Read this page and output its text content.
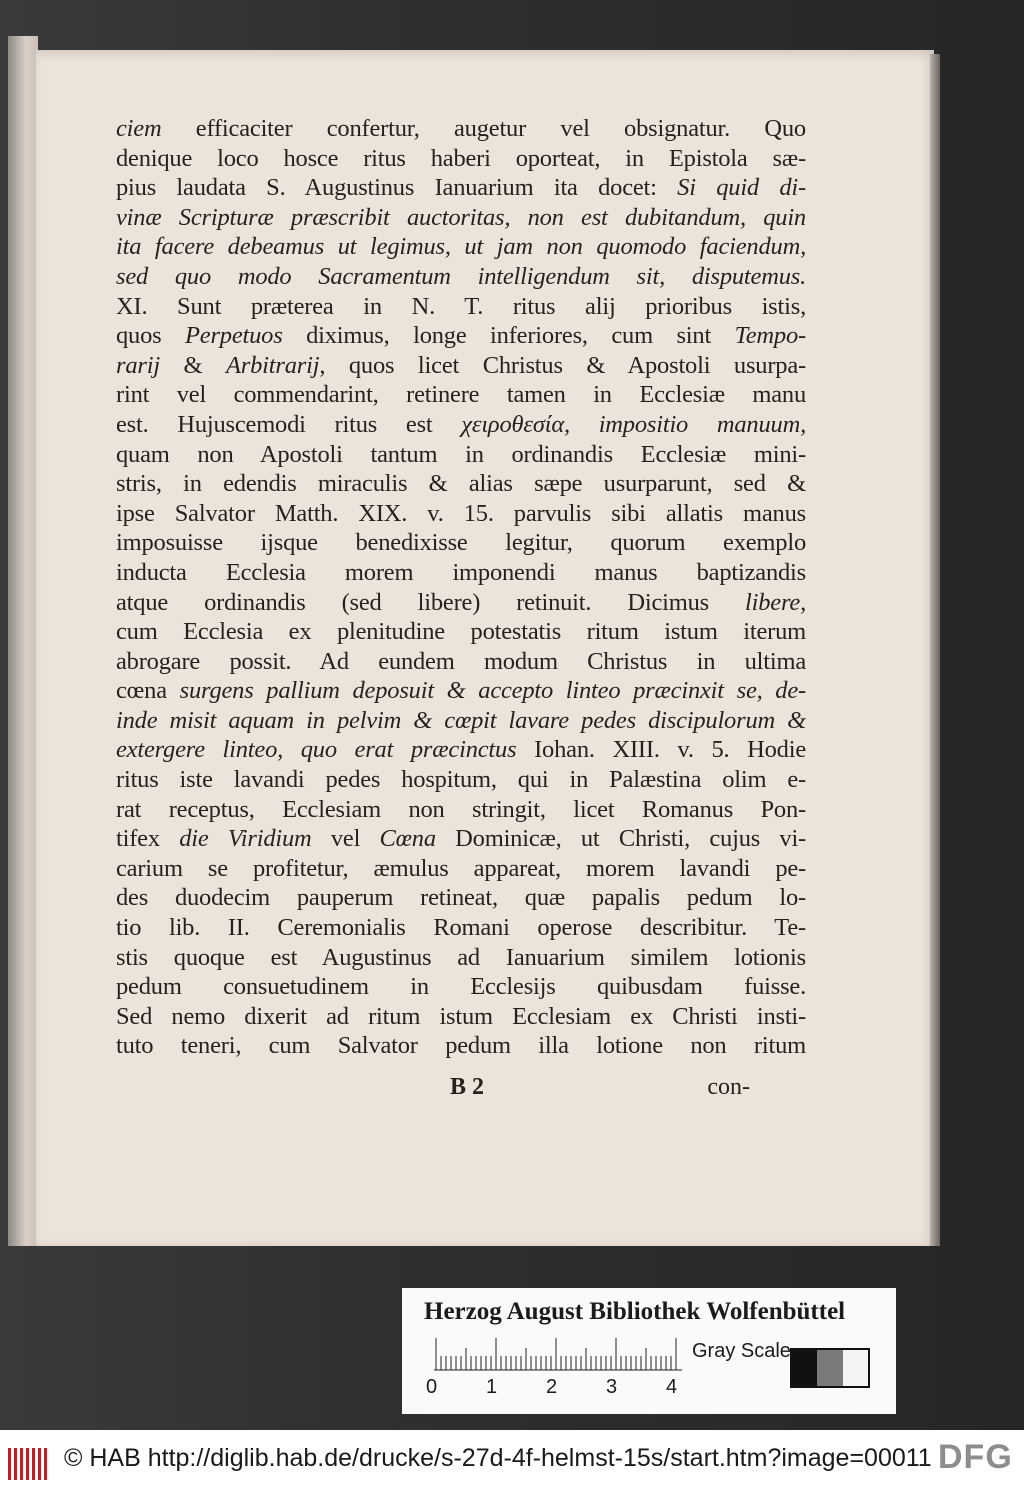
ciem efficaciter confertur, augetur vel obsignatur. Quo
denique loco hosce ritus haberi oporteat, in Epistola sæ-
pius laudata S. Augustinus Ianuarium ita docet: Si quid di-
vinæ Scripturæ præscribit auctoritas, non est dubitandum, quin
ita facere debeamus ut legimus, ut jam non quomodo faciendum,
sed quo modo Sacramentum intelligendum sit, disputemus.
XI. Sunt præterea in N. T. ritus alij prioribus istis,
quos Perpetuos diximus, longe inferiores, cum sint Tempo-
rarij & Arbitrarij, quos licet Christus & Apostoli usurpa-
rint vel commendarint, retinere tamen in Ecclesiæ manu
est. Hujuscemodi ritus est χειροθεσία, impositio manuum,
quam non Apostoli tantum in ordinandis Ecclesiæ mini-
stris, in edendis miraculis & alias sæpe usurparunt, sed &
ipse Salvator Matth. XIX. v. 15. parvulis sibi allatis manus
imposuisse ijsque benedixisse legitur, quorum exemplo
inducta Ecclesia morem imponendi manus baptizandis
atque ordinandis (sed libere) retinuit. Dicimus libere,
cum Ecclesia ex plenitudine potestatis ritum istum iterum
abrogare possit. Ad eundem modum Christus in ultima
cœna surgens pallium deposuit & accepto linteo præcinxit se, de-
inde misit aquam in pelvim & cœpit lavare pedes discipulorum &
extergere linteo, quo erat præcinctus Iohan. XIII. v. 5. Hodie
ritus iste lavandi pedes hospitum, qui in Palæstina olim e-
rat receptus, Ecclesiam non stringit, licet Romanus Pon-
tifex die Viridium vel Cœna Dominicæ, ut Christi, cujus vi-
carium se profitetur, æmulus appareat, morem lavandi pe-
des duodecim pauperum retineat, quæ papalis pedum lo-
tio lib. II. Ceremonialis Romani operose describitur. Te-
stis quoque est Augustinus ad Ianuarium similem lotionis
pedum consuetudinem in Ecclesijs quibusdam fuisse.
Sed nemo dixerit ad ritum istum Ecclesiam ex Christi insti-
tuto teneri, cum Salvator pedum illa lotione non ritum
B 2	con-
Herzog August Bibliothek Wolfenbüttel
0 1 2 3 4
Gray Scale
© HAB http://diglib.hab.de/drucke/s-27d-4f-helmst-15s/start.htm?image=00011 DFG
